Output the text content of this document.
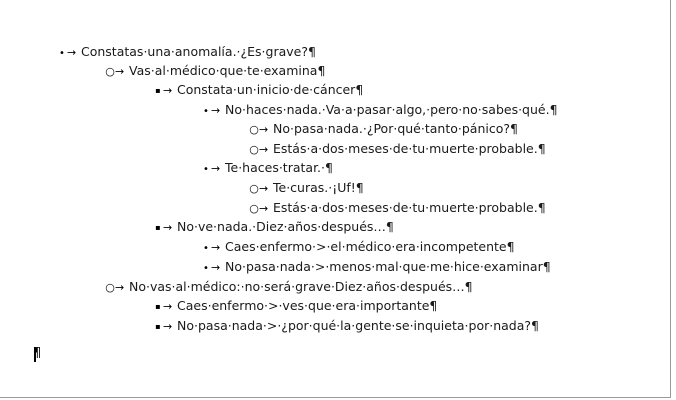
• → Constatas·una·anomalía.·¿Es·grave?¶
○→ Vas·al·médico·que·te·examina¶
▪ → Constata·un·inicio·de·cáncer¶
• → No·haces·nada.·Va·a·pasar·algo,·pero·no·sabes·qué.¶
○→ No·pasa·nada.·¿Por·qué·tanto·pánico?¶
○→ Estás·a·dos·meses·de·tu·muerte·probable.¶
• → Te·haces·tratar.·¶
○→ Te·curas.·¡Uf!¶
○→ Estás·a·dos·meses·de·tu·muerte·probable.¶
▪ → No·ve·nada.·Diez·años·después…¶
• → Caes·enfermo·>·el·médico·era·incompetente¶
• → No·pasa·nada·>·menos·mal·que·me·hice·examinar¶
○→ No·vas·al·médico:·no·será·grave·Diez·años·después…¶
▪ → Caes·enfermo·>·ves·que·era·importante¶
▪ → No·pasa·nada·>·¿por·qué·la·gente·se·inquieta·por·nada?¶
¶
